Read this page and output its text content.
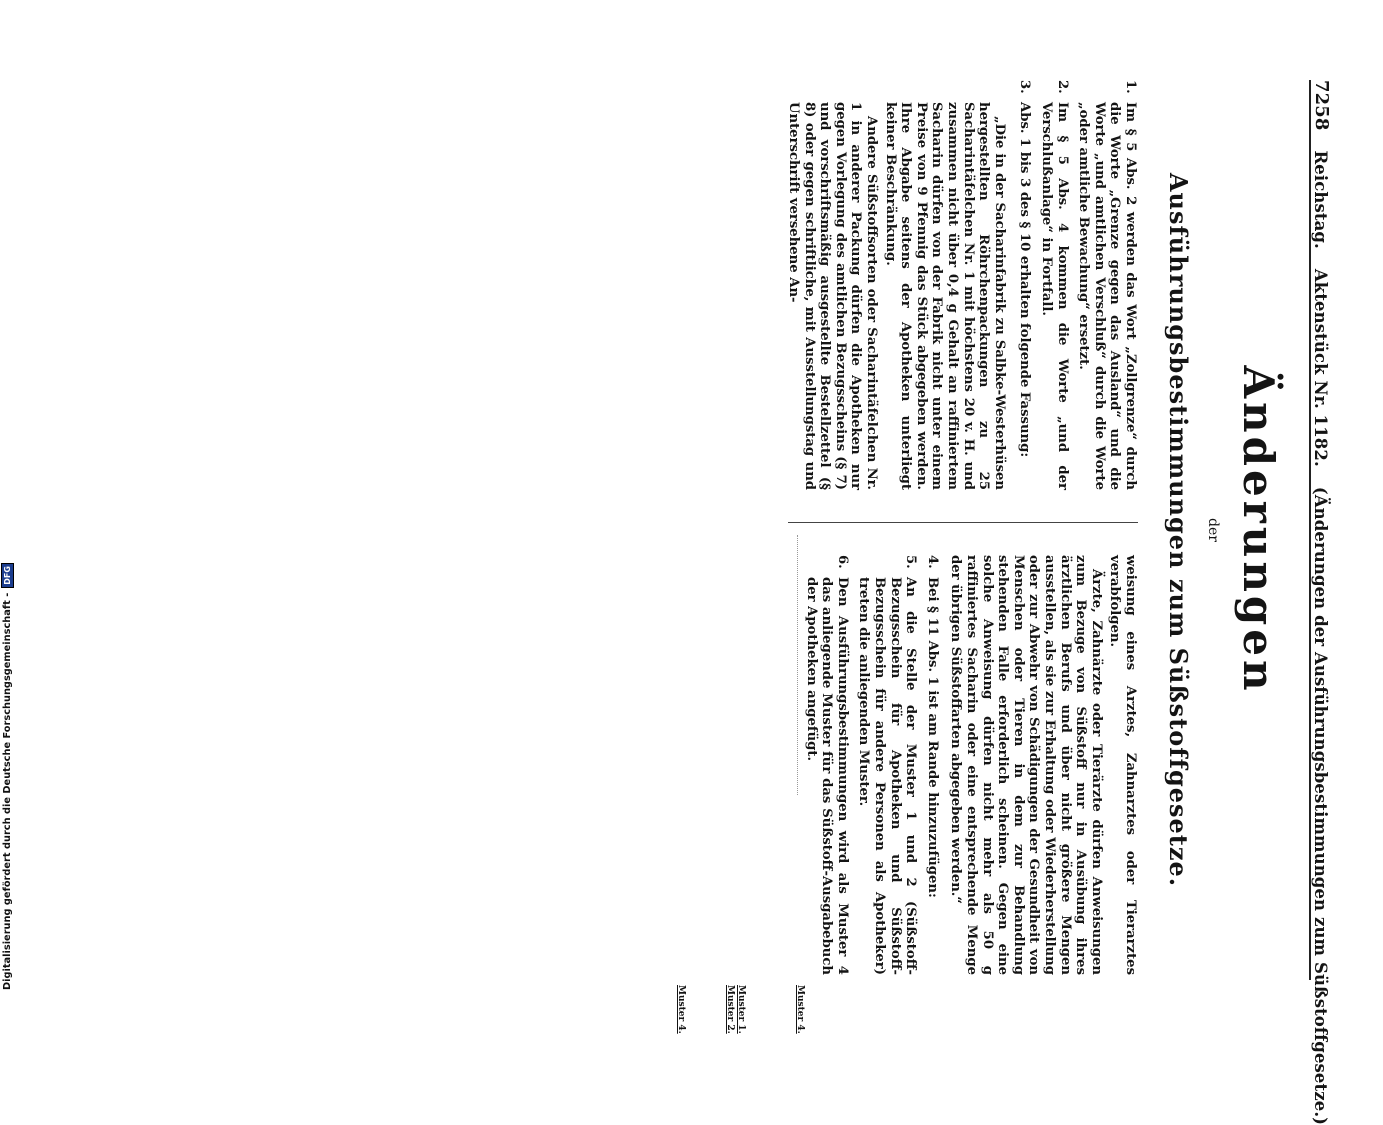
7258
Reichstag.
Aktenstück Nr. 1182.
(Änderungen der Ausführungsbestimmungen zum Süßstoffgesetze.)
Änderungen
der
Ausführungsbestimmungen zum Süßstoffgesetze.
1.
Im § 5 Abs. 2 werden das Wort „Zollgrenze“ durch die Worte „Grenze gegen das Ausland“ und die Worte „und amtlichen Verschluß“ durch die Worte „oder amtliche Bewachung“ ersetzt.
2.
Im § 5 Abs. 4 kommen die Worte „und der Verschlußanlage“ in Fortfall.
3.
Abs. 1 bis 3 des § 10 erhalten folgende Fassung:

„Die in der Sacharinfabrik zu Salbke-Westerhüsen hergestellten Röhrchenpackungen zu 25 Sacharintäfelchen Nr. 1 mit höchstens 20 v. H. und zusammen nicht über 0,4 g Gehalt an raffiniertem Sacharin dürfen von der Fabrik nicht unter einem Preise von 9 Pfennig das Stück abgegeben werden. Ihre Abgabe seitens der Apotheken unterliegt keiner Beschränkung.

Andere Süßstoffsorten oder Sacharintäfelchen Nr. 1 in anderer Packung dürfen die Apotheken nur gegen Vorlegung des amtlichen Bezugsscheins (§ 7) und vorschriftsmäßig ausgestellte Bestellzettel (§ 8) oder gegen schriftliche, mit Ausstellungstag und Unterschrift versehene An-

weisung eines Arztes, Zahnarztes oder Tierarztes verabfolgen.

Ärzte, Zahnärzte oder Tierärzte dürfen Anweisungen zum Bezuge von Süßstoff nur in Ausübung ihres ärztlichen Berufs und über nicht größere Mengen ausstellen, als sie zur Erhaltung oder Wiederherstellung oder zur Abwehr von Schädigungen der Gesundheit von Menschen oder Tieren in dem zur Behandlung stehenden Falle erforderlich scheinen. Gegen eine solche Anweisung dürfen nicht mehr als 50 g raffiniertes Sacharin oder eine entsprechende Menge der übrigen Süßstoffarten abgegeben werden.“

4.
Bei § 11 Abs. 1 ist am Rande hinzuzufügen:
5.
An die Stelle der Muster 1 und 2 (Süßstoff-Bezugsschein für Apotheken und Süßstoff-Bezugsschein für andere Personen als Apotheker) treten die anliegenden Muster.
6.
Den Ausführungsbestimmungen wird als Muster 4 das anliegende Muster für das Süßstoff-Ausgabebuch der Apotheken angefügt.
Muster 4.
Muster 1.
Muster 2.
Muster 4.
Digitalisierung gefördert durch die Deutsche Forschungsgemeinschaft -
DFG
